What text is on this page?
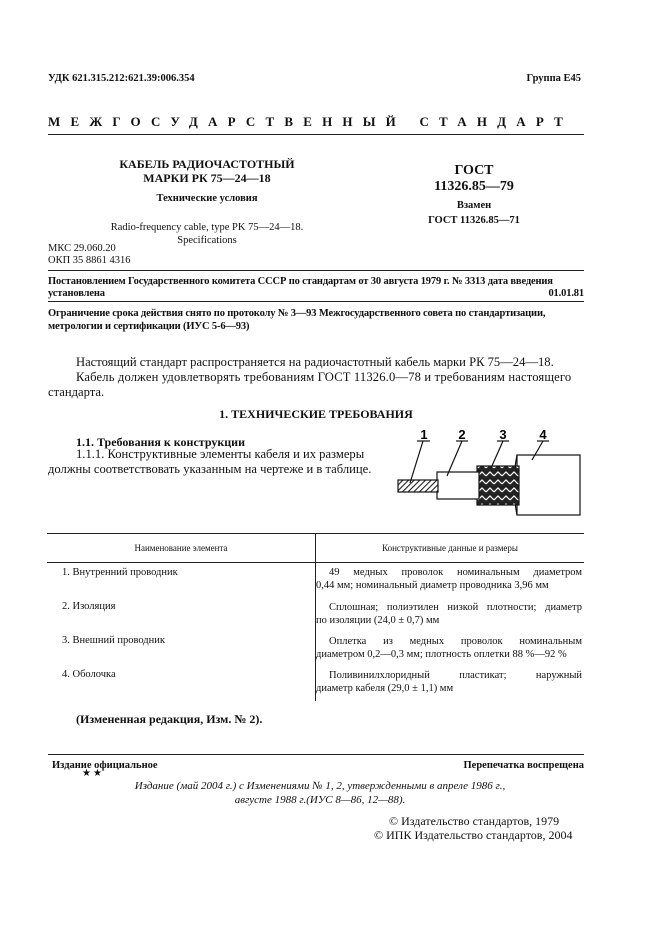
УДК 621.315.212:621.39:006.354	Группа Е45
МЕЖГОСУДАРСТВЕННЫЙ СТАНДАРТ
КАБЕЛЬ РАДИОЧАСТОТНЫЙ
МАРКИ РК 75—24—18
Технические условия
Radio-frequency cable, type PK 75—24—18.
Specifications
ГОСТ
11326.85—79
Взамен
ГОСТ 11326.85—71
МКС 29.060.20
ОКП 35 8861 4316
Постановлением Государственного комитета СССР по стандартам от 30 августа 1979 г. № 3313 дата введения
установлена	01.01.81
Ограничение срока действия снято по протоколу № 3—93 Межгосударственного совета по стандартизации,
метрологии и сертификации (ИУС 5-6—93)
Настоящий стандарт распространяется на радиочастотный кабель марки РК 75—24—18.
Кабель должен удовлетворять требованиям ГОСТ 11326.0—78 и требованиям настоящего
стандарта.
1. ТЕХНИЧЕСКИЕ ТРЕБОВАНИЯ
1.1. Требования к конструкции
1.1.1. Конструктивные элементы кабеля и их размеры
должны соответствовать указанным на чертеже и в таблице.
1 2	3	4
Наименование элемента	Конструктивные данные и размеры
1. Внутренний проводник	49 медных проволок номинальным диаметром
0,44 мм; номинальный диаметр проводника 3,96 мм
2. Изоляция	Сплошная; полиэтилен низкой плотности; диаметр
по изоляции (24,0 ± 0,7) мм
3. Внешний проводник	Оплетка из медных проволок номинальным
диаметром 0,2—0,3 мм; плотность оплетки 88 %—92 %
4. Оболочка	Поливинилхлоридный пластикат; наружный
диаметр кабеля (29,0 ± 1,1) мм
(Измененная редакция, Изм. № 2).
Издание официальное
★★
Перепечатка воспрещена
Издание (май 2004 г.) с Изменениями № 1, 2, утвержденными в апреле 1986 г.,
августе 1988 г.(ИУС 8—86, 12—88).
© Издательство стандартов, 1979
© ИПК Издательство стандартов, 2004
